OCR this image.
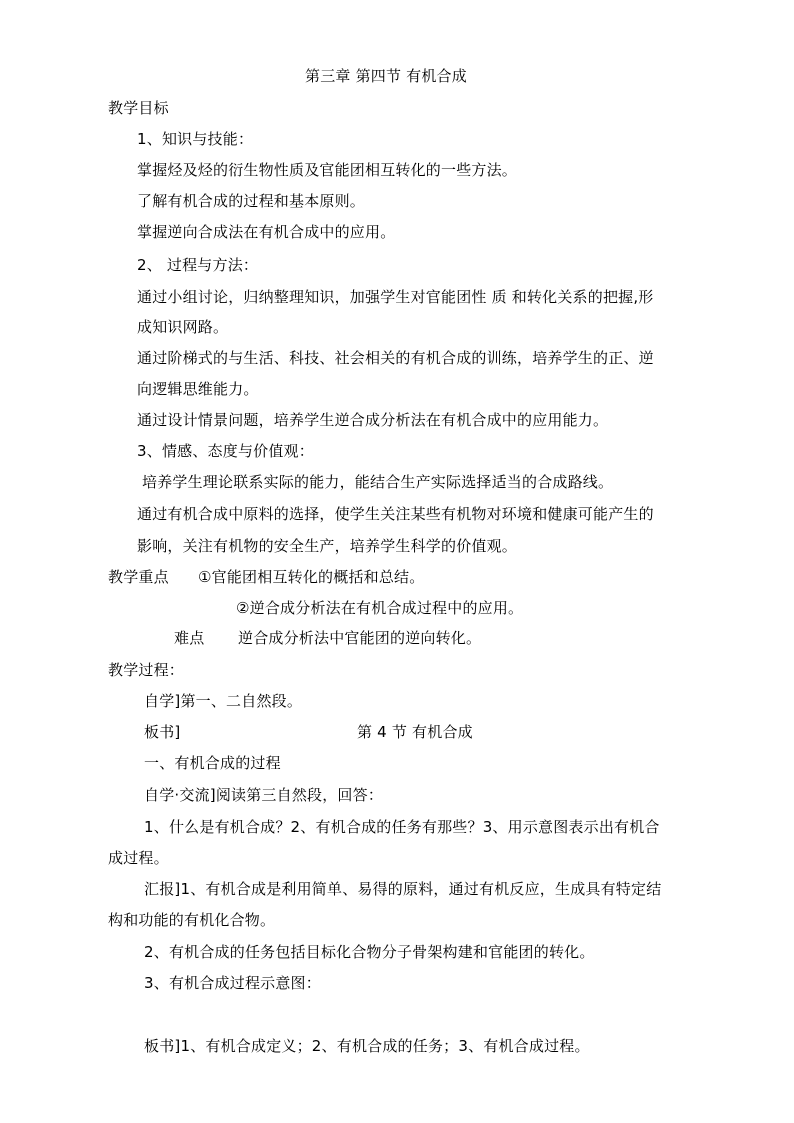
第三章 第四节 有机合成
教学目标
1、知识与技能：
掌握烃及烃的衍生物性质及官能团相互转化的一些方法。
了解有机合成的过程和基本原则。
掌握逆向合成法在有机合成中的应用。
2、 过程与方法：
通过小组讨论，归纳整理知识，加强学生对官能团性 质 和转化关系的把握,形
成知识网路。
通过阶梯式的与生活、科技、社会相关的有机合成的训练，培养学生的正、逆
向逻辑思维能力。
通过设计情景问题，培养学生逆合成分析法在有机合成中的应用能力。
3、情感、态度与价值观：
培养学生理论联系实际的能力，能结合生产实际选择适当的合成路线。
通过有机合成中原料的选择，使学生关注某些有机物对环境和健康可能产生的
影响，关注有机物的安全生产，培养学生科学的价值观。
教学重点 ①官能团相互转化的概括和总结。
②逆合成分析法在有机合成过程中的应用。
难点 逆合成分析法中官能团的逆向转化。
教学过程：
自学]第一、二自然段。
板书]	第 4 节 有机合成
一、有机合成的过程
自学·交流]阅读第三自然段，回答：
1、什么是有机合成？2、有机合成的任务有那些？3、用示意图表示出有机合
成过程。
汇报]1、有机合成是利用简单、易得的原料，通过有机反应，生成具有特定结
构和功能的有机化合物。
2、有机合成的任务包括目标化合物分子骨架构建和官能团的转化。
3、有机合成过程示意图：
板书]1、有机合成定义；2、有机合成的任务；3、有机合成过程。
